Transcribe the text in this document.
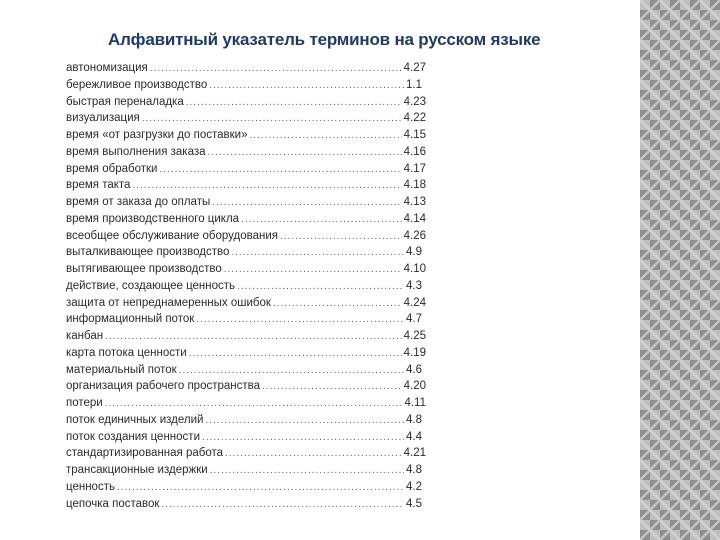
Алфавитный указатель терминов на русском языке
автономизация .....	4.27
бережливое производство .....	1.1
быстрая переналадка .....	4.23
визуализация .....	4.22
время «от разгрузки до поставки» .....	4.15
время выполнения заказа .....	4.16
время обработки .....	4.17
время такта .....	4.18
время от заказа до оплаты .....	4.13
время производственного цикла .....	4.14
всеобщее обслуживание оборудования .....	4.26
выталкивающее производство .....	4.9
вытягивающее производство .....	4.10
действие, создающее ценность .....	4.3
защита от непреднамеренных ошибок .....	4.24
информационный поток .....	4.7
канбан .....	4.25
карта потока ценности .....	4.19
материальный поток .....	4.6
организация рабочего пространства .....	4.20
потери .....	4.11
поток единичных изделий .....	4.8
поток создания ценности .....	4.4
стандартизированная работа .....	4.21
трансакционные издержки .....	4.8
ценность .....	4.2
цепочка поставок .....	4.5
